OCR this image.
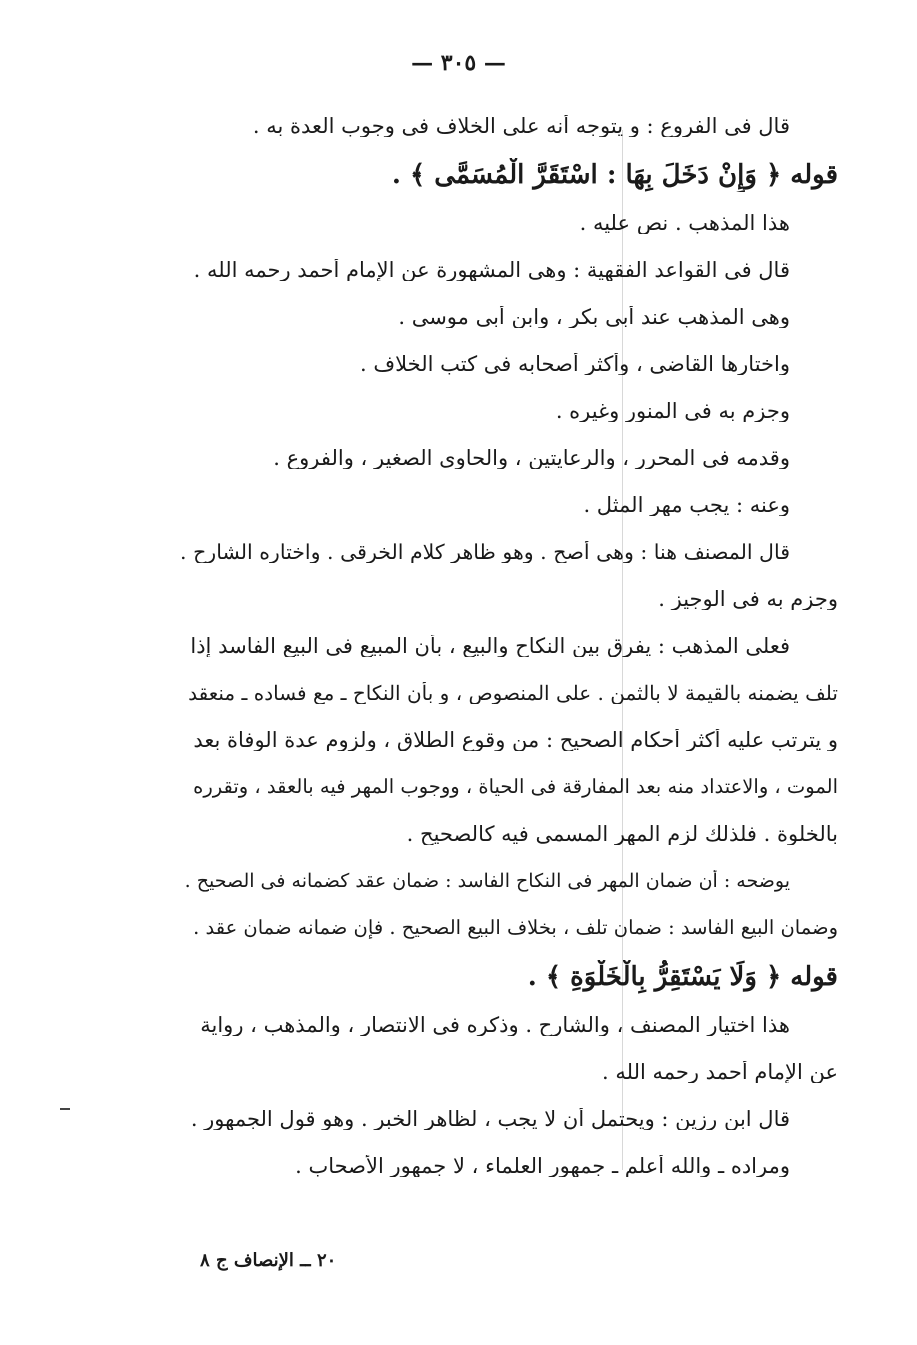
— ٣٠٥ —
قال فى الفروع : و يتوجه أنه على الخلاف فى وجوب العدة به .
قوله ﴿ وَإِنْ دَخَلَ بِهَا : اسْتَقَرَّ الْمُسَمَّى ﴾ .
هذا المذهب . نص عليه .
قال فى القواعد الفقهية : وهى المشهورة عن الإمام أحمد رحمه الله .
وهى المذهب عند أبى بكر ، وابن أبى موسى .
واختارها القاضى ، وأكثر أصحابه فى كتب الخلاف .
وجزم به فى المنور وغيره .
وقدمه فى المحرر ، والرعايتين ، والحاوى الصغير ، والفروع .
وعنه : يجب مهر المثل .
قال المصنف هنا : وهى أصح . وهو ظاهر كلام الخرقى . واختاره الشارح .
وجزم به فى الوجيز .
فعلى المذهب : يفرق بين النكاح والبيع ، بأن المبيع فى البيع الفاسد إذا
تلف يضمنه بالقيمة لا بالثمن . على المنصوص ، و بأن النكاح ـ مع فساده ـ منعقد
و يترتب عليه أكثر أحكام الصحيح : من وقوع الطلاق ، ولزوم عدة الوفاة بعد
الموت ، والاعتداد منه بعد المفارقة فى الحياة ، ووجوب المهر فيه بالعقد ، وتقرره
بالخلوة . فلذلك لزم المهر المسمى فيه كالصحيح .
يوضحه : أن ضمان المهر فى النكاح الفاسد : ضمان عقد كضمانه فى الصحيح .
وضمان البيع الفاسد : ضمان تلف ، بخلاف البيع الصحيح . فإن ضمانه ضمان عقد .
قوله ﴿ وَلَا يَسْتَقِرُّ بِالْخَلْوَةِ ﴾ .
هذا اختيار المصنف ، والشارح . وذكره فى الانتصار ، والمذهب ، رواية
عن الإمام أحمد رحمه الله .
قال ابن رزين : ويحتمل أن لا يجب ، لظاهر الخبر . وهو قول الجمهور .
ومراده ـ والله أعلم ـ جمهور العلماء ، لا جمهور الأصحاب .
٢٠ ــ الإنصاف ج ٨
